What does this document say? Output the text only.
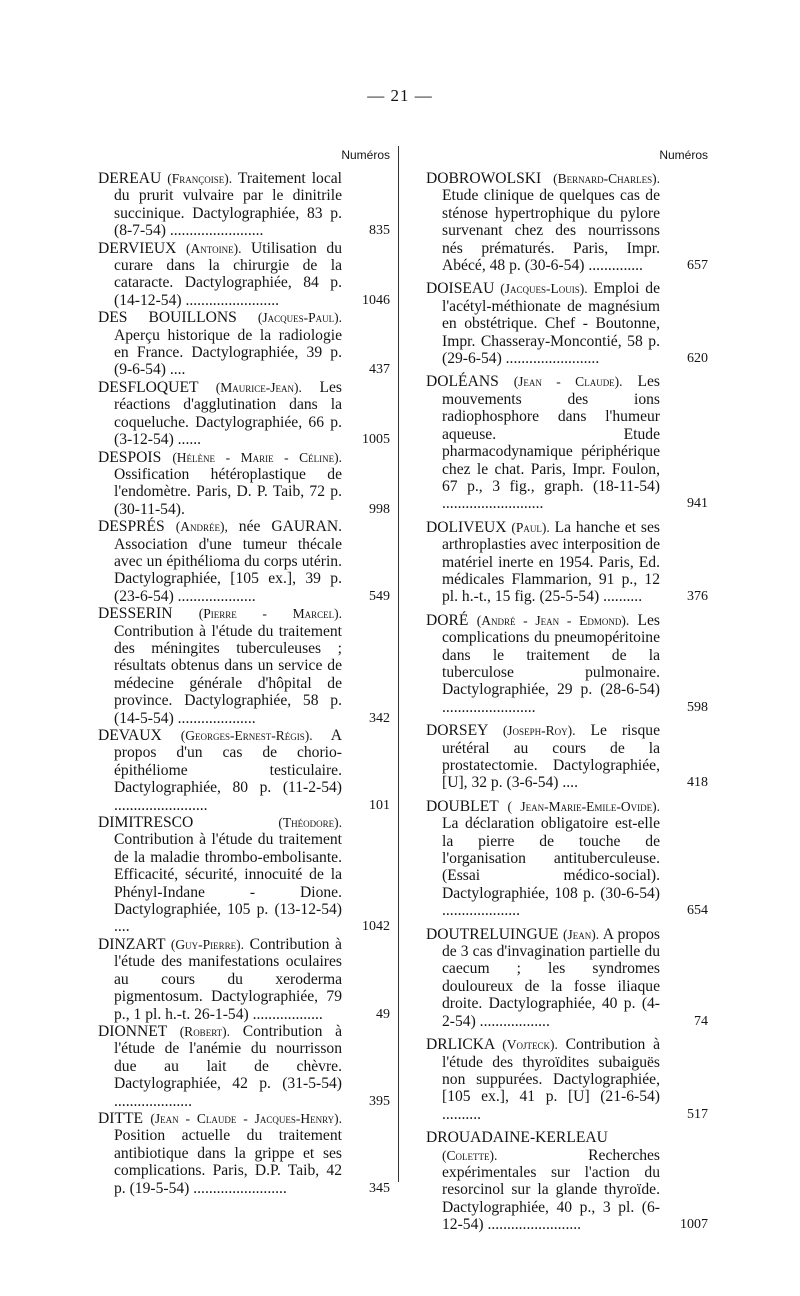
— 21 —
Numéros
DEREAU (Françoise). Traitement local du prurit vulvaire par le dinitrile succinique. Dactylographiée, 83 p. (8-7-54) ........................	835
DERVIEUX (Antoine). Utilisation du curare dans la chirurgie de la cataracte. Dactylographiée, 84 p. (14-12-54) ........................	1046
DES BOUILLONS (Jacques-Paul). Aperçu historique de la radiologie en France. Dactylographiée, 39 p. (9-6-54) ....	437
DESFLOQUET (Maurice-Jean). Les réactions d'agglutination dans la coqueluche. Dactylographiée, 66 p. (3-12-54) ......	1005
DESPOIS (Hélène - Marie - Céline). Ossification hétéroplastique de l'endomètre. Paris, D. P. Taib, 72 p. (30-11-54).	998
DESPRÉS (Andrée), née GAURAN. Association d'une tumeur thécale avec un épithélioma du corps utérin. Dactylographiée, [105 ex.], 39 p. (23-6-54) ....................	549
DESSERIN (Pierre - Marcel). Contribution à l'étude du traitement des méningites tuberculeuses ; résultats obtenus dans un service de médecine générale d'hôpital de province. Dactylographiée, 58 p. (14-5-54) ....................	342
DEVAUX (Georges-Ernest-Régis). A propos d'un cas de chorio-épithéliome testiculaire. Dactylographiée, 80 p. (11-2-54) ........................	101
DIMITRESCO	(Théodore). Contribution à l'étude du traitement de la maladie thrombo-embolisante. Efficacité, sécurité, innocuité de la Phényl-Indane - Dione. Dactylographiée, 105 p. (13-12-54) ....	1042
DINZART (Guy-Pierre). Contribution à l'étude des manifestations oculaires au cours du xeroderma pigmentosum. Dactylographiée, 79 p., 1 pl. h.-t. 26-1-54) ..................	49
DIONNET (Robert). Contribution à l'étude de l'anémie du nourrisson due au lait de chèvre. Dactylographiée, 42 p. (31-5-54) ....................	395
DITTE (Jean - Claude - Jacques-Henry). Position actuelle du traitement antibiotique dans la grippe et ses complications. Paris, D.P. Taib, 42 p. (19-5-54) ........................	345
Numéros
DOBROWOLSKI (Bernard-Charles). Etude clinique de quelques cas de sténose hypertrophique du pylore survenant chez des nourrissons nés prématurés. Paris, Impr. Abécé, 48 p. (30-6-54) ..............	657
DOISEAU (Jacques-Louis). Emploi de l'acétyl-méthionate de magnésium en obstétrique. Chef - Boutonne, Impr. Chasseray-Moncontié, 58 p. (29-6-54) ........................	620
DOLÉANS (Jean - Claude). Les mouvements des ions radiophosphore dans l'humeur aqueuse. Etude pharmacodynamique périphérique chez le chat. Paris, Impr. Foulon, 67 p., 3 fig., graph. (18-11-54) ..........................	941
DOLIVEUX (Paul). La hanche et ses arthroplasties avec interposition de matériel inerte en 1954. Paris, Ed. médicales Flammarion, 91 p., 12 pl. h.-t., 15 fig. (25-5-54) ..........	376
DORÉ (André - Jean - Edmond). Les complications du pneumopéritoine dans le traitement de la tuberculose pulmonaire. Dactylographiée, 29 p. (28-6-54) ........................	598
DORSEY (Joseph-Roy). Le risque urétéral au cours de la prostatectomie. Dactylographiée, [U], 32 p. (3-6-54) ....	418
DOUBLET ( Jean-Marie-Emile-Ovide). La déclaration obligatoire est-elle la pierre de touche de l'organisation antituberculeuse. (Essai médico-social). Dactylographiée, 108 p. (30-6-54) ....................	654
DOUTRELUINGUE (Jean). A propos de 3 cas d'invagination partielle du caecum ; les syndromes douloureux de la fosse iliaque droite. Dactylographiée, 40 p. (4-2-54) ..................	74
DRLICKA (Vojteck). Contribution à l'étude des thyroïdites subaiguës non suppurées. Dactylographiée, [105 ex.], 41 p. [U] (21-6-54) ..........	517
DROUADAINE-KERLEAU (Colette). Recherches expérimentales sur l'action du resorcinol sur la glande thyroïde. Dactylographiée, 40 p., 3 pl. (6-12-54) ........................	1007
